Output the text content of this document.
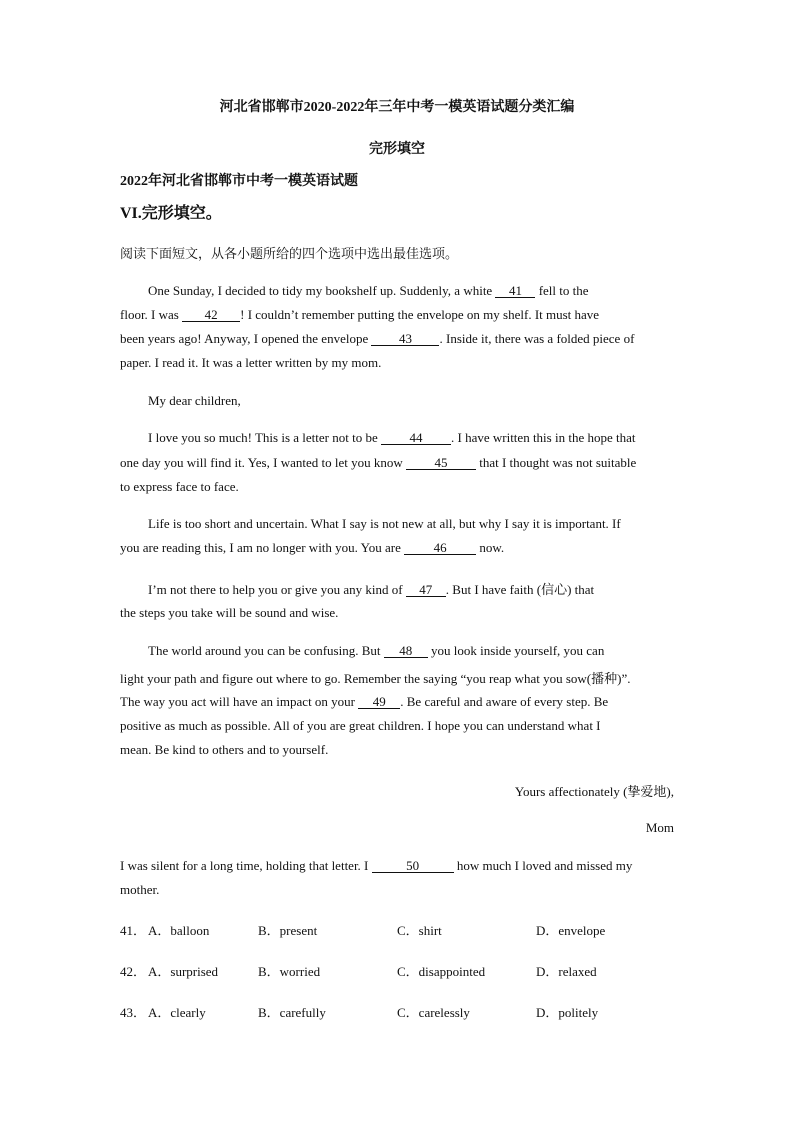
河北省邯郸市2020-2022年三年中考一模英语试题分类汇编
完形填空
2022年河北省邯郸市中考一模英语试题
VI.完形填空。
阅读下面短文，从各小题所给的四个选项中选出最佳选项。
One Sunday, I decided to tidy my bookshelf up. Suddenly, a white 41 fell to the
floor. I was 42 ! I couldn’t remember putting the envelope on my shelf. It must have
been years ago! Anyway, I opened the envelope 43 . Inside it, there was a folded piece of
paper. I read it. It was a letter written by my mom.
My dear children,
I love you so much! This is a letter not to be 44 . I have written this in the hope that
one day you will find it. Yes, I wanted to let you know 45 that I thought was not suitable
to express face to face.
Life is too short and uncertain. What I say is not new at all, but why I say it is important. If
you are reading this, I am no longer with you. You are 46 now.
I’m not there to help you or give you any kind of 47 . But I have faith (信心) that
the steps you take will be sound and wise.
The world around you can be confusing. But 48 you look inside yourself, you can
light your path and figure out where to go. Remember the saying “you reap what you sow(播种)”.
The way you act will have an impact on your 49 . Be careful and aware of every step. Be
positive as much as possible. All of you are great children. I hope you can understand what I
mean. Be kind to others and to yourself.
Yours affectionately (挚爱地),
Mom
I was silent for a long time, holding that letter. I	50	how much I loved and missed my
mother.
41． A．balloon	B．present	C．shirt	D．envelope
42． A．surprised	B．worried	C．disappointed	D．relaxed
43． A．clearly	B．carefully	C．carelessly	D．politely
